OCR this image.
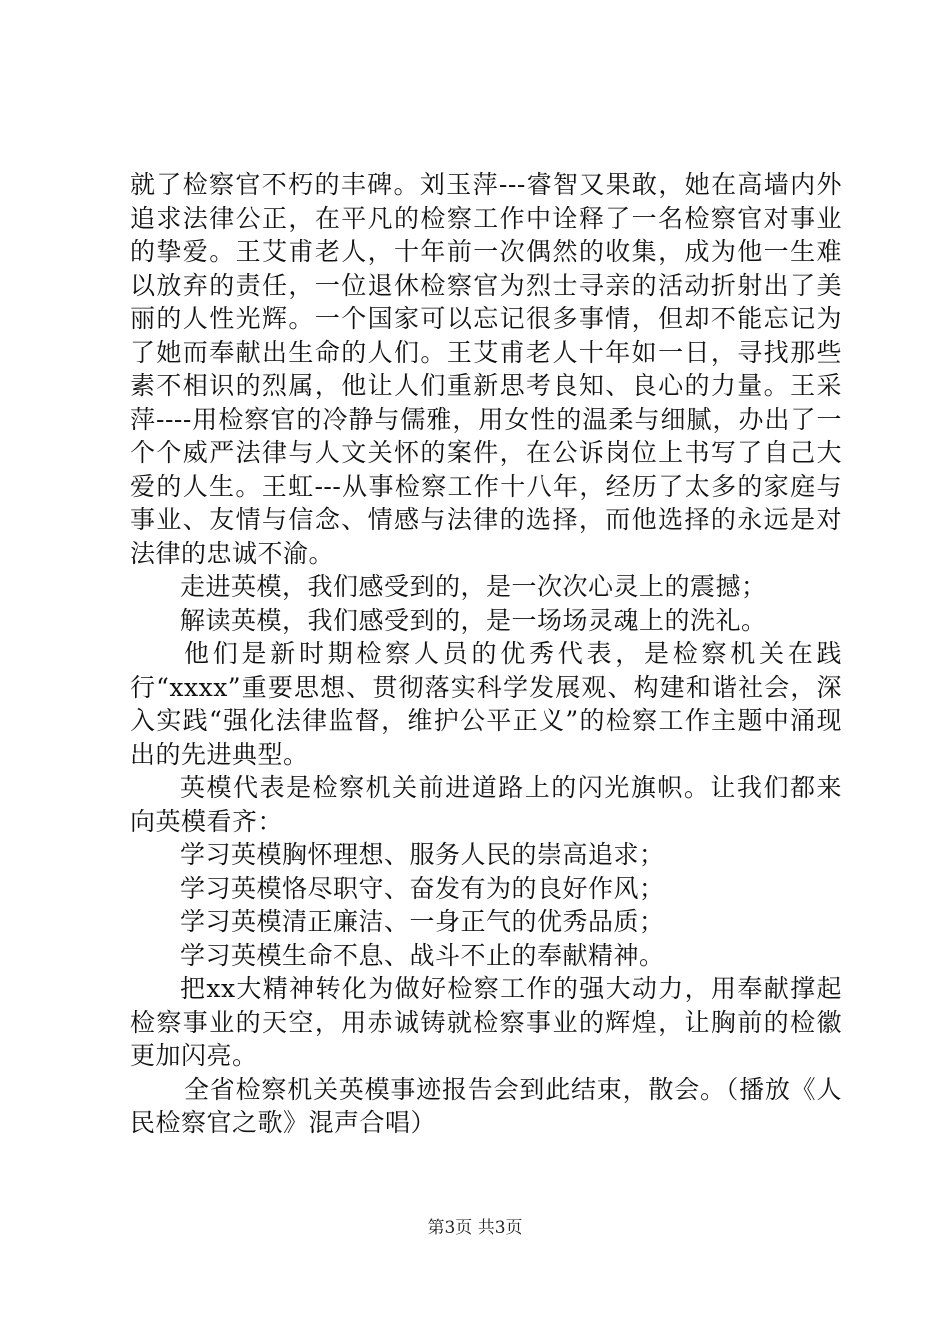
就了检察官不朽的丰碑。刘玉萍---睿智又果敢，她在高墙内外追求法律公正，在平凡的检察工作中诠释了一名检察官对事业的挚爱。王艾甫老人，十年前一次偶然的收集，成为他一生难以放弃的责任，一位退休检察官为烈士寻亲的活动折射出了美丽的人性光辉。一个国家可以忘记很多事情，但却不能忘记为了她而奉献出生命的人们。王艾甫老人十年如一日，寻找那些素不相识的烈属，他让人们重新思考良知、良心的力量。王采萍----用检察官的冷静与儒雅，用女性的温柔与细腻，办出了一个个威严法律与人文关怀的案件，在公诉岗位上书写了自己大爱的人生。王虹---从事检察工作十八年，经历了太多的家庭与事业、友情与信念、情感与法律的选择，而他选择的永远是对法律的忠诚不渝。

走进英模，我们感受到的，是一次次心灵上的震撼；

解读英模，我们感受到的，是一场场灵魂上的洗礼。

他们是新时期检察人员的优秀代表，是检察机关在践行“xxxx”重要思想、贯彻落实科学发展观、构建和谐社会，深入实践“强化法律监督，维护公平正义”的检察工作主题中涌现出的先进典型。

英模代表是检察机关前进道路上的闪光旗帜。让我们都来向英模看齐：

学习英模胸怀理想、服务人民的崇高追求；

学习英模恪尽职守、奋发有为的良好作风；

学习英模清正廉洁、一身正气的优秀品质；

学习英模生命不息、战斗不止的奉献精神。

把xx大精神转化为做好检察工作的强大动力，用奉献撑起检察事业的天空，用赤诚铸就检察事业的辉煌，让胸前的检徽更加闪亮。

全省检察机关英模事迹报告会到此结束，散会。（播放《人民检察官之歌》混声合唱）

第3页 共3页
